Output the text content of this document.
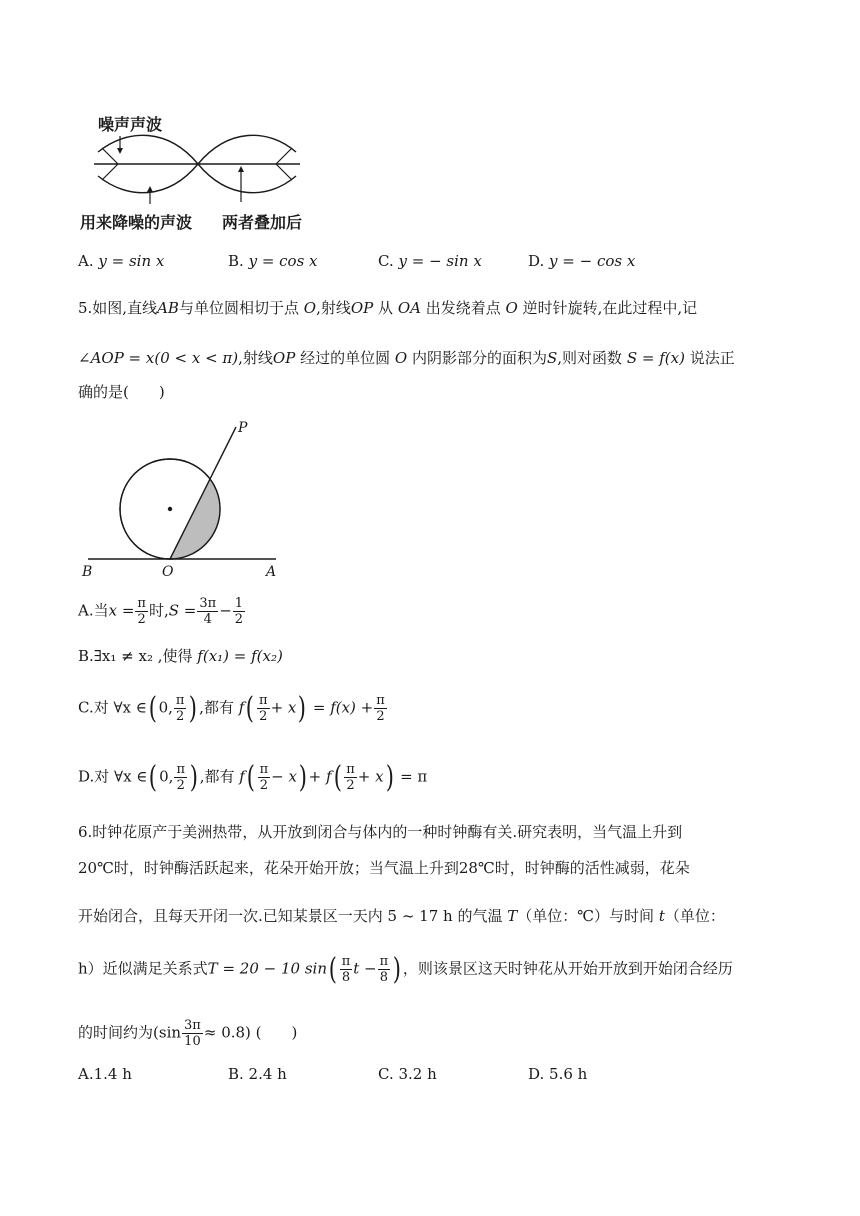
噪声声波
用来降噪的声波 两者叠加后
A. y = sin x	B. y = cos x	C. y = − sin x	D. y = − cos x
5.如图,直线AB与单位圆相切于点 O,射线OP 从 OA 出发绕着点 O 逆时针旋转,在此过程中,记
∠AOP = x(0 < x < π),射线OP 经过的单位圆 O 内阴影部分的面积为S,则对函数 S = f(x) 说法正
确的是(　　)
P
B	O	A
A.当$x = \frac{\pi}{2}$ 时$,S = \frac{3\pi}{4} - \frac{1}{2}$
B.∃x₁ ≠ x₂ ,使得 f(x₁) = f(x₂)
C.对 ∀x ∈( 0, $\frac{\pi}{2}$ ) ,都有 $f( \frac{\pi}{2} + x) = f(x) + \frac{\pi}{2}$
D.对 ∀x ∈( 0, $\frac{\pi}{2}$ ) ,都有 $f( \frac{\pi}{2} - x) + f( \frac{\pi}{2} + x) = \pi$
6.时钟花原产于美洲热带，从开放到闭合与体内的一种时钟酶有关.研究表明，当气温上升到
20℃时，时钟酶活跃起来，花朵开始开放；当气温上升到28℃时，时钟酶的活性减弱，花朵
开始闭合，且每天开闭一次.已知某景区一天内 5 ~ 17 h 的气温 T（单位：℃）与时间 t（单位：
h）近似满足关系式T = 20 − 10 $\sin( \frac{\pi}{8}$ $t - \frac{\pi}{8}$ ) ，则该景区这天时钟花从开始开放到开始闭合经历
的时间约为$(\sin \frac{3\pi}{10} \approx 0.8)$ (　　)
A.1.4 h	B. 2.4 h	C. 3.2 h	D. 5.6 h
